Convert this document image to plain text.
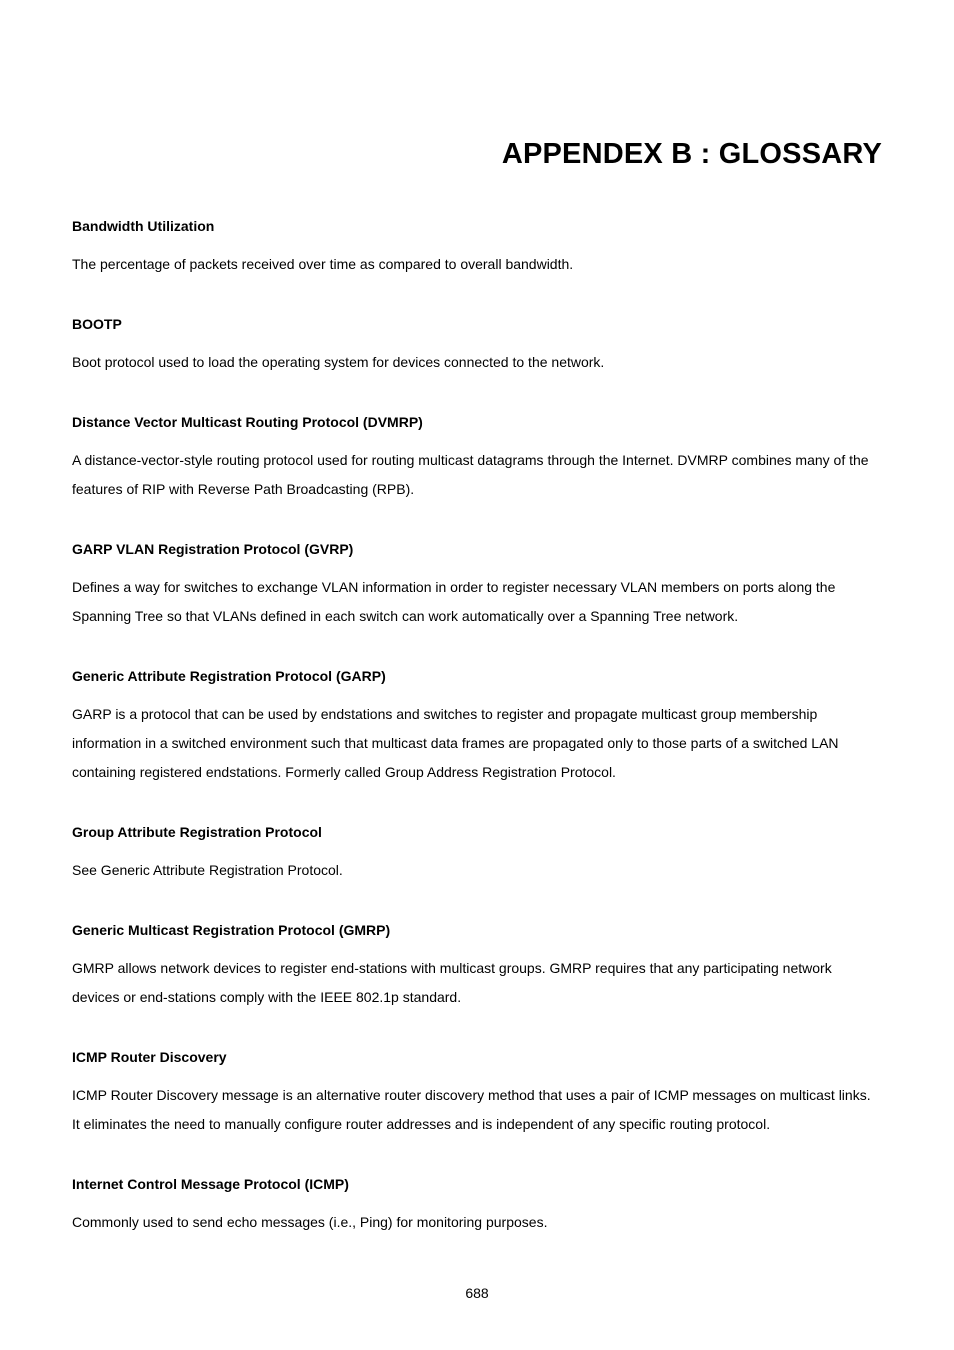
APPENDEX B : GLOSSARY

Bandwidth Utilization

The percentage of packets received over time as compared to overall bandwidth.

BOOTP

Boot protocol used to load the operating system for devices connected to the network.

Distance Vector Multicast Routing Protocol (DVMRP)

A distance-vector-style routing protocol used for routing multicast datagrams through the Internet. DVMRP combines many of the features of RIP with Reverse Path Broadcasting (RPB).

GARP VLAN Registration Protocol (GVRP)

Defines a way for switches to exchange VLAN information in order to register necessary VLAN members on ports along the Spanning Tree so that VLANs defined in each switch can work automatically over a Spanning Tree network.

Generic Attribute Registration Protocol (GARP)

GARP is a protocol that can be used by endstations and switches to register and propagate multicast group membership information in a switched environment such that multicast data frames are propagated only to those parts of a switched LAN containing registered endstations. Formerly called Group Address Registration Protocol.

Group Attribute Registration Protocol

See Generic Attribute Registration Protocol.

Generic Multicast Registration Protocol (GMRP)

GMRP allows network devices to register end-stations with multicast groups. GMRP requires that any participating network devices or end-stations comply with the IEEE 802.1p standard.

ICMP Router Discovery

ICMP Router Discovery message is an alternative router discovery method that uses a pair of ICMP messages on multicast links. It eliminates the need to manually configure router addresses and is independent of any specific routing protocol.

Internet Control Message Protocol (ICMP)

Commonly used to send echo messages (i.e., Ping) for monitoring purposes.

688
